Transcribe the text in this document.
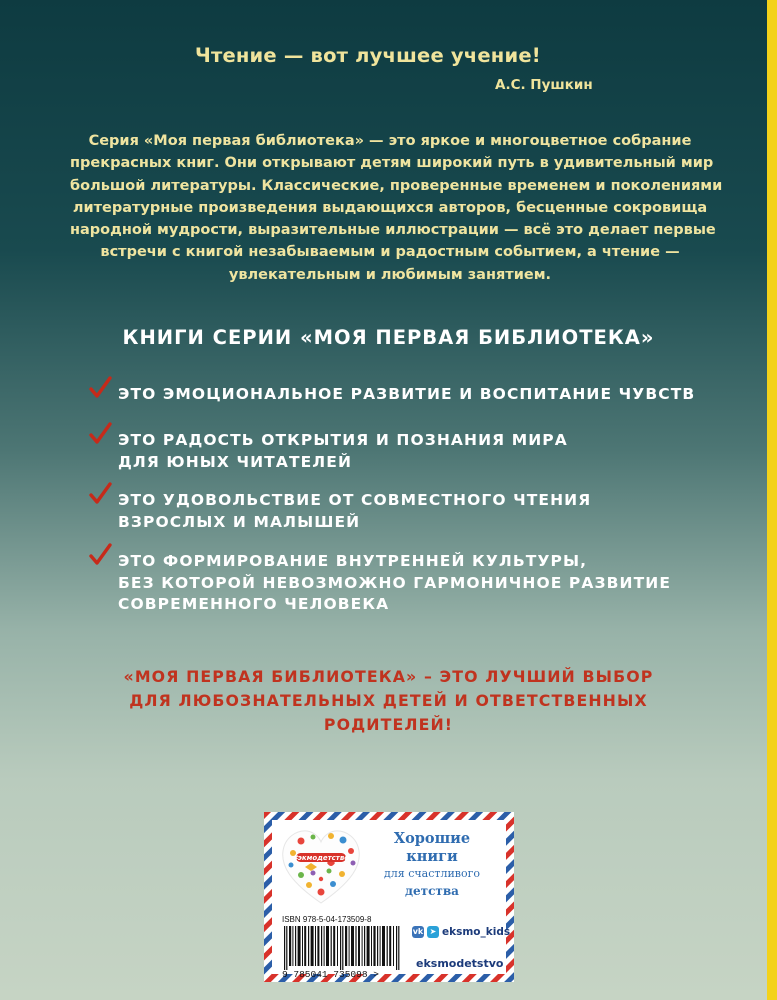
Чтение — вот лучшее учение!
А.С. Пушкин
Серия «Моя первая библиотека» — это яркое и многоцветное собрание
прекрасных книг. Они открывают детям широкий путь в удивительный мир
большой литературы. Классические, проверенные временем и поколениями
литературные произведения выдающихся авторов, бесценные сокровища
народной мудрости, выразительные иллюстрации — всё это делает первые
встречи с книгой незабываемым и радостным событием, а чтение —
увлекательным и любимым занятием.
КНИГИ СЕРИИ «МОЯ ПЕРВАЯ БИБЛИОТЕКА»
ЭТО ЭМОЦИОНАЛЬНОЕ РАЗВИТИЕ И ВОСПИТАНИЕ ЧУВСТВ
ЭТО РАДОСТЬ ОТКРЫТИЯ И ПОЗНАНИЯ МИРА
ДЛЯ ЮНЫХ ЧИТАТЕЛЕЙ
ЭТО УДОВОЛЬСТВИЕ ОТ СОВМЕСТНОГО ЧТЕНИЯ
ВЗРОСЛЫХ И МАЛЫШЕЙ
ЭТО ФОРМИРОВАНИЕ ВНУТРЕННЕЙ КУЛЬТУРЫ,
БЕЗ КОТОРОЙ НЕВОЗМОЖНО ГАРМОНИЧНОЕ РАЗВИТИЕ
СОВРЕМЕННОГО ЧЕЛОВЕКА
«МОЯ ПЕРВАЯ БИБЛИОТЕКА» – ЭТО ЛУЧШИЙ ВЫБОР
ДЛЯ ЛЮБОЗНАТЕЛЬНЫХ ДЕТЕЙ И ОТВЕТСТВЕННЫХ
РОДИТЕЛЕЙ!
#экмодетство
Хорошие
книги
для счастливого
детства
ISBN 978-5-04-173509-8
9 785041 735098 >
vk ➤ eksmo_kids
eksmodetstvo
